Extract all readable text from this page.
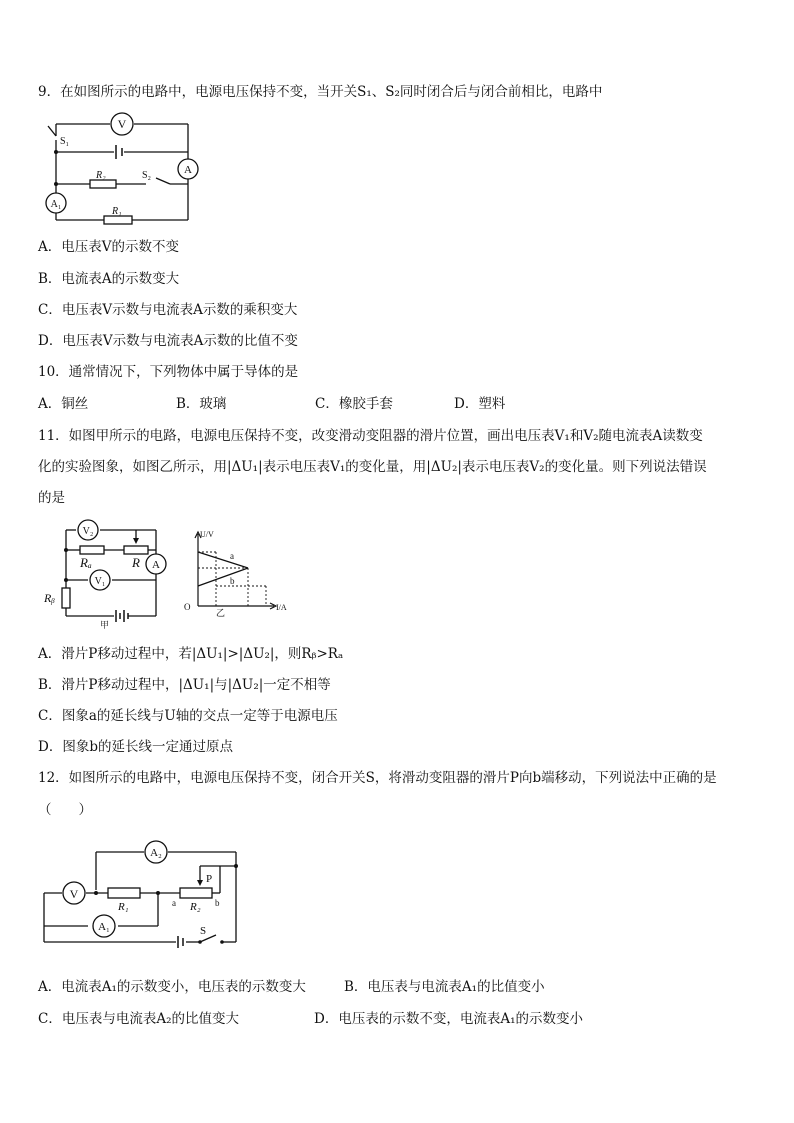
9．在如图所示的电路中，电源电压保持不变，当开关S₁、S₂同时闭合后与闭合前相比，电路中
V
A
A₁
S₁
S₂
R₂
R₁
A．电压表V的示数不变
B．电流表A的示数变大
C．电压表V示数与电流表A示数的乘积变大
D．电压表V示数与电流表A示数的比值不变
10．通常情况下，下列物体中属于导体的是
A．铜丝	B．玻璃	C．橡胶手套	D．塑料
11．如图甲所示的电路，电源电压保持不变，改变滑动变阻器的滑片位置，画出电压表V₁和V₂随电流表A读数变
化的实验图象，如图乙所示，用|ΔU₁|表示电压表V₁的变化量，用|ΔU₂|表示电压表V₂的变化量。则下列说法错误
的是
V₂
V₁
A
Rₐ	R
Rᵦ
甲
U/V
I/A
O
a
b
乙
A．滑片P移动过程中，若|ΔU₁|>|ΔU₂|，则Rᵦ>Rₐ
B．滑片P移动过程中，|ΔU₁|与|ΔU₂|一定不相等
C．图象a的延长线与U轴的交点一定等于电源电压
D．图象b的延长线一定通过原点
12．如图所示的电路中，电源电压保持不变，闭合开关S，将滑动变阻器的滑片P向b端移动，下列说法中正确的是
（　　）
A₂
V
A₁
R₁	R₂
P
a	b
S
A．电流表A₁的示数变小，电压表的示数变大	B．电压表与电流表A₁的比值变小
C．电压表与电流表A₂的比值变大	D．电压表的示数不变，电流表A₁的示数变小
